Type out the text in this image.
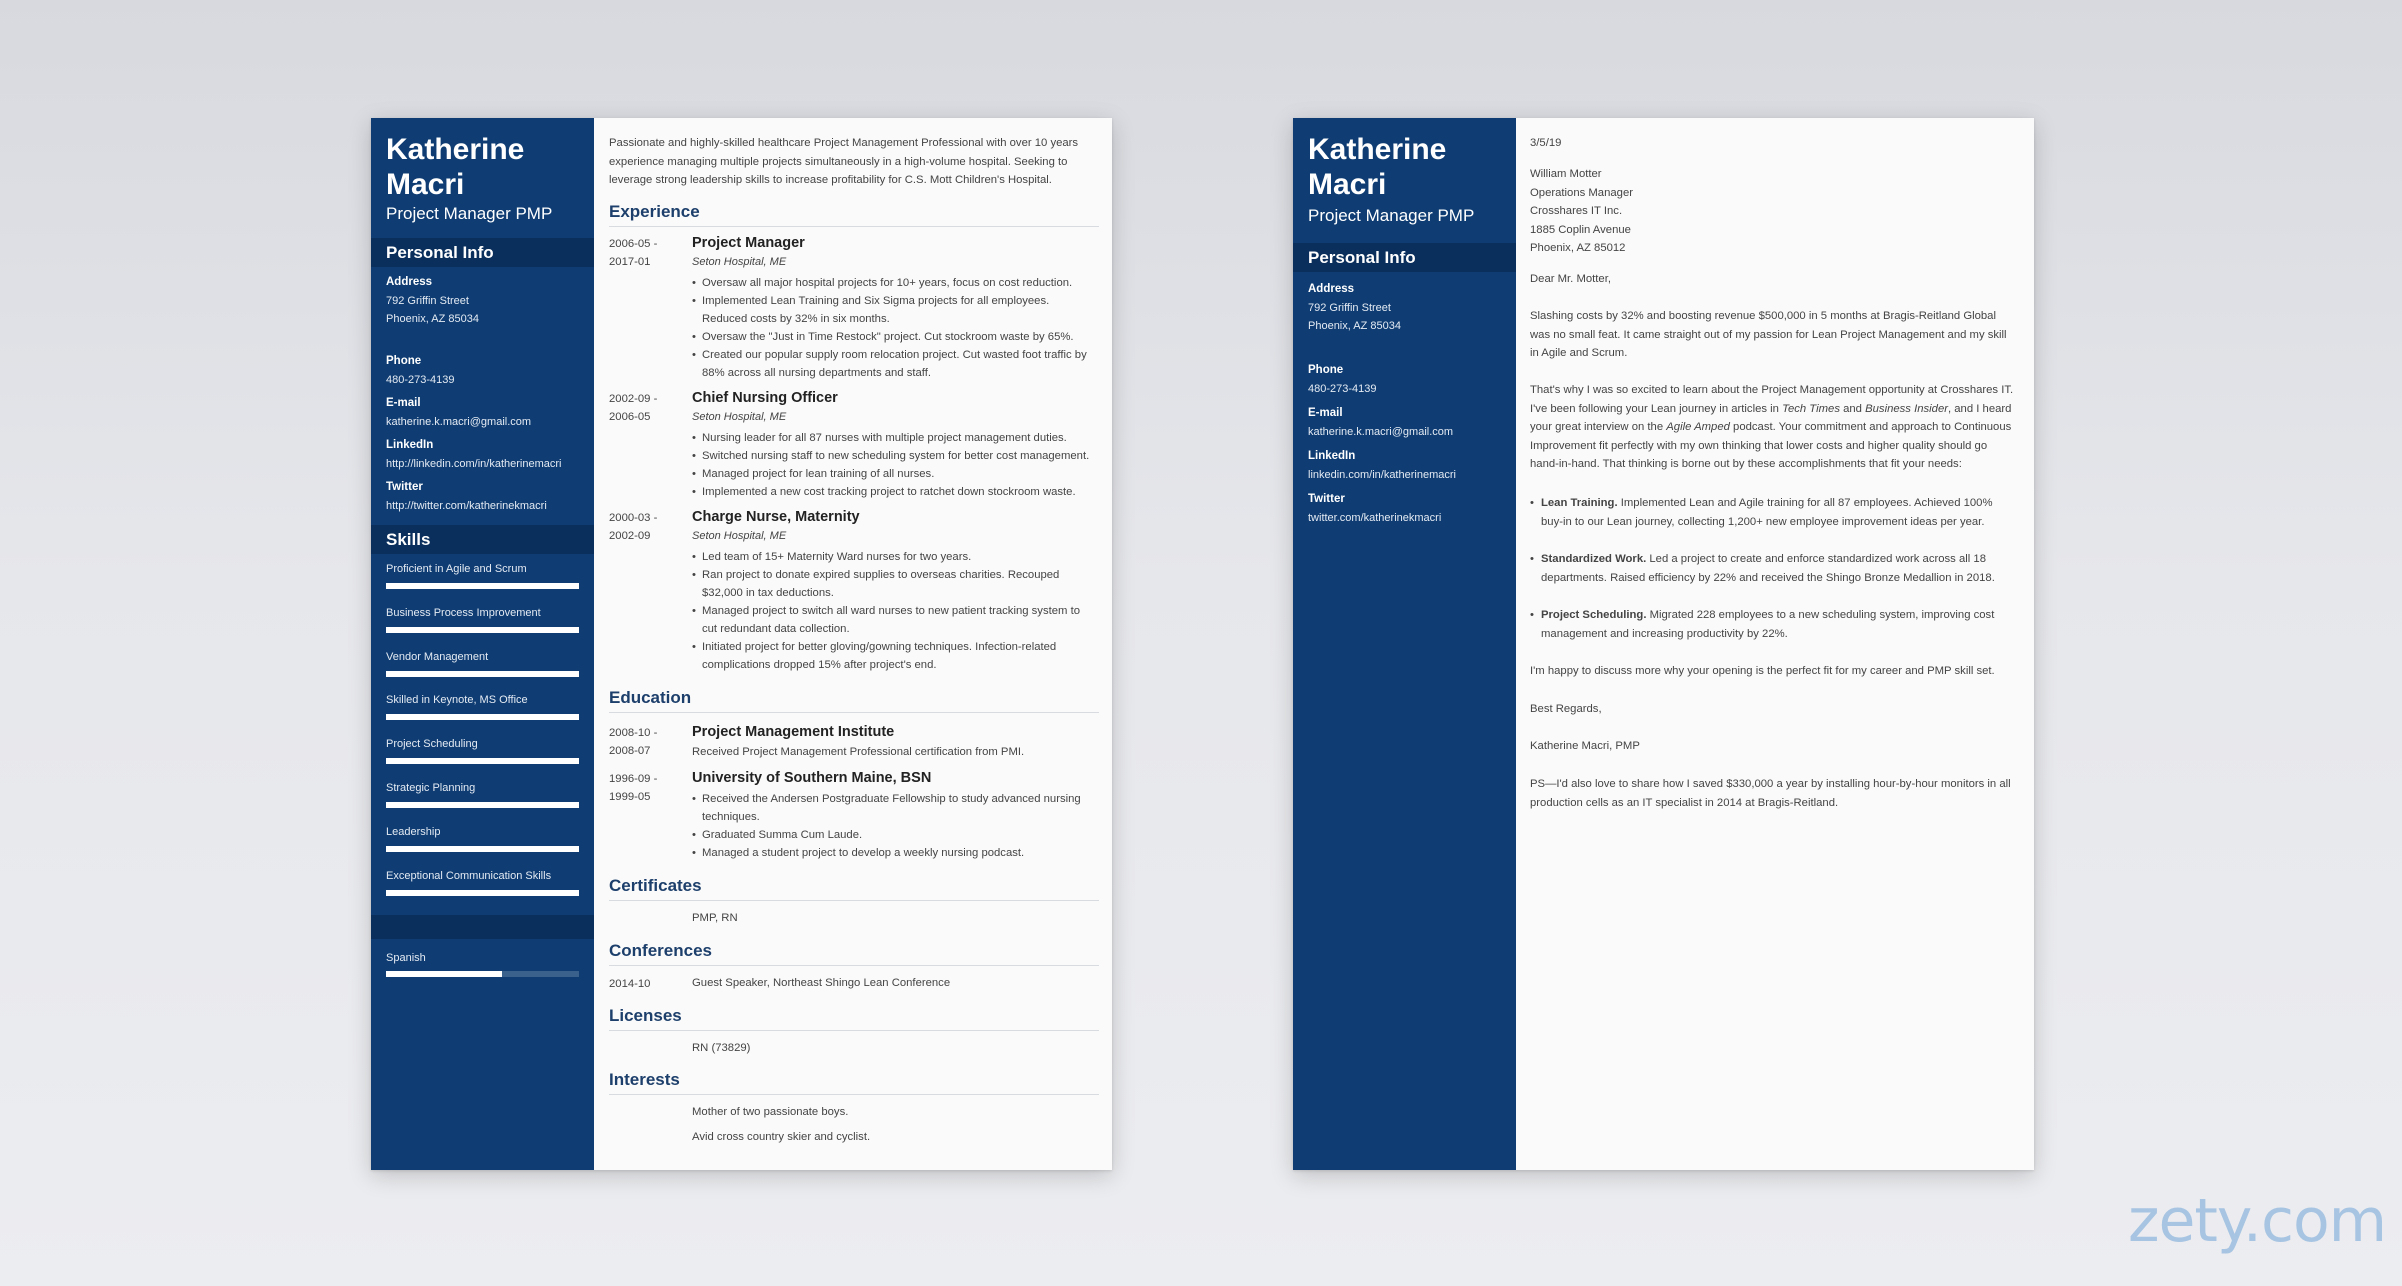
Katherine Macri
Project Manager PMP
Personal Info
Address
792 Griffin Street
Phoenix, AZ 85034
Phone
480-273-4139
E-mail
katherine.k.macri@gmail.com
LinkedIn
http://linkedin.com/in/katherinemacri
Twitter
http://twitter.com/katherinekmacri
Skills
Proficient in Agile and Scrum
Business Process Improvement
Vendor Management
Skilled in Keynote, MS Office
Project Scheduling
Strategic Planning
Leadership
Exceptional Communication Skills
Spanish
Passionate and highly-skilled healthcare Project Management Professional with over 10 years experience managing multiple projects simultaneously in a high-volume hospital. Seeking to leverage strong leadership skills to increase profitability for C.S. Mott Children's Hospital.
Experience
2006-05 -
2017-01
Project Manager
Seton Hospital, ME
• Oversaw all major hospital projects for 10+ years, focus on cost reduction.
• Implemented Lean Training and Six Sigma projects for all employees. Reduced costs by 32% in six months.
• Oversaw the "Just in Time Restock" project. Cut stockroom waste by 65%.
• Created our popular supply room relocation project. Cut wasted foot traffic by 88% across all nursing departments and staff.
2002-09 -
2006-05
Chief Nursing Officer
Seton Hospital, ME
• Nursing leader for all 87 nurses with multiple project management duties.
• Switched nursing staff to new scheduling system for better cost management.
• Managed project for lean training of all nurses.
• Implemented a new cost tracking project to ratchet down stockroom waste.
2000-03 -
2002-09
Charge Nurse, Maternity
Seton Hospital, ME
• Led team of 15+ Maternity Ward nurses for two years.
• Ran project to donate expired supplies to overseas charities. Recouped $32,000 in tax deductions.
• Managed project to switch all ward nurses to new patient tracking system to cut redundant data collection.
• Initiated project for better gloving/gowning techniques. Infection-related complications dropped 15% after project's end.
Education
2008-10 -
2008-07
Project Management Institute
Received Project Management Professional certification from PMI.
1996-09 -
1999-05
University of Southern Maine, BSN
• Received the Andersen Postgraduate Fellowship to study advanced nursing techniques.
• Graduated Summa Cum Laude.
• Managed a student project to develop a weekly nursing podcast.
Certificates
PMP, RN
Conferences
2014-10	Guest Speaker, Northeast Shingo Lean Conference
Licenses
RN (73829)
Interests
Mother of two passionate boys.
Avid cross country skier and cyclist.
Katherine Macri
Project Manager PMP
Personal Info
Address
792 Griffin Street
Phoenix, AZ 85034
Phone
480-273-4139
E-mail
katherine.k.macri@gmail.com
LinkedIn
linkedin.com/in/katherinemacri
Twitter
twitter.com/katherinekmacri
3/5/19
William Motter
Operations Manager
Crosshares IT Inc.
1885 Coplin Avenue
Phoenix, AZ 85012
Dear Mr. Motter,
Slashing costs by 32% and boosting revenue $500,000 in 5 months at Bragis-Reitland Global was no small feat. It came straight out of my passion for Lean Project Management and my skill in Agile and Scrum.
That's why I was so excited to learn about the Project Management opportunity at Crosshares IT. I've been following your Lean journey in articles in Tech Times and Business Insider, and I heard your great interview on the Agile Amped podcast. Your commitment and approach to Continuous Improvement fit perfectly with my own thinking that lower costs and higher quality should go hand-in-hand. That thinking is borne out by these accomplishments that fit your needs:
• Lean Training. Implemented Lean and Agile training for all 87 employees. Achieved 100% buy-in to our Lean journey, collecting 1,200+ new employee improvement ideas per year.
• Standardized Work. Led a project to create and enforce standardized work across all 18 departments. Raised efficiency by 22% and received the Shingo Bronze Medallion in 2018.
• Project Scheduling. Migrated 228 employees to a new scheduling system, improving cost management and increasing productivity by 22%.
I'm happy to discuss more why your opening is the perfect fit for my career and PMP skill set.
Best Regards,
Katherine Macri, PMP
PS—I'd also love to share how I saved $330,000 a year by installing hour-by-hour monitors in all production cells as an IT specialist in 2014 at Bragis-Reitland.
zety.com
